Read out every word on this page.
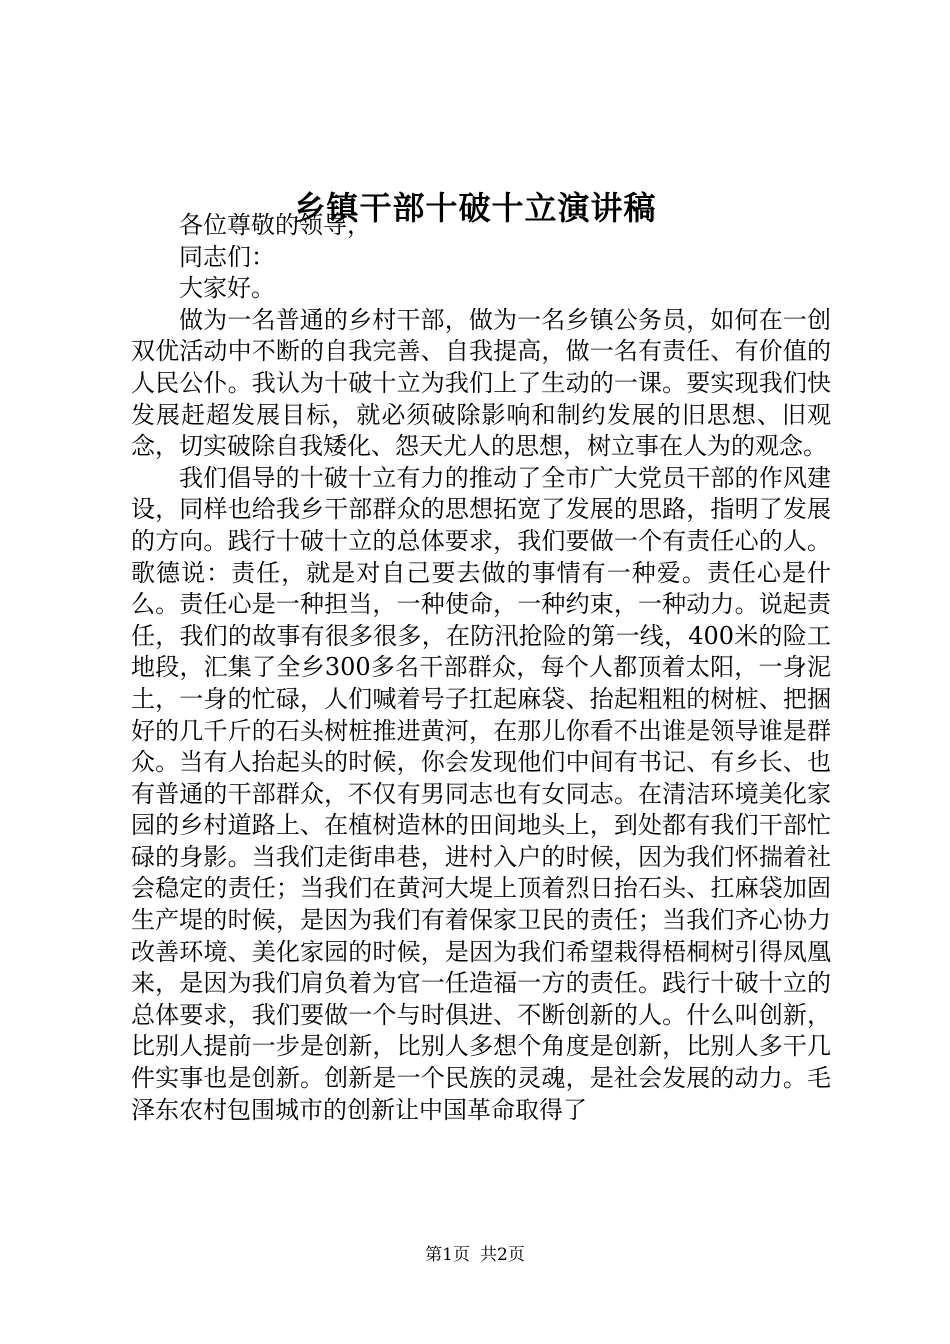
乡镇干部十破十立演讲稿

各位尊敬的领导，

同志们：

大家好。

做为一名普通的乡村干部，做为一名乡镇公务员，如何在一创双优活动中不断的自我完善、自我提高，做一名有责任、有价值的人民公仆。我认为十破十立为我们上了生动的一课。要实现我们快发展赶超发展目标，就必须破除影响和制约发展的旧思想、旧观念，切实破除自我矮化、怨天尤人的思想，树立事在人为的观念。

我们倡导的十破十立有力的推动了全市广大党员干部的作风建设，同样也给我乡干部群众的思想拓宽了发展的思路，指明了发展的方向。践行十破十立的总体要求，我们要做一个有责任心的人。歌德说：责任，就是对自己要去做的事情有一种爱。责任心是什么。责任心是一种担当，一种使命，一种约束，一种动力。说起责任，我们的故事有很多很多，在防汛抢险的第一线，400米的险工地段，汇集了全乡300多名干部群众，每个人都顶着太阳，一身泥土，一身的忙碌，人们喊着号子扛起麻袋、抬起粗粗的树桩、把捆好的几千斤的石头树桩推进黄河，在那儿你看不出谁是领导谁是群众。当有人抬起头的时候，你会发现他们中间有书记、有乡长、也有普通的干部群众，不仅有男同志也有女同志。在清洁环境美化家园的乡村道路上、在植树造林的田间地头上，到处都有我们干部忙碌的身影。当我们走街串巷，进村入户的时候，因为我们怀揣着社会稳定的责任；当我们在黄河大堤上顶着烈日抬石头、扛麻袋加固生产堤的时候，是因为我们有着保家卫民的责任；当我们齐心协力改善环境、美化家园的时候，是因为我们希望栽得梧桐树引得凤凰来，是因为我们肩负着为官一任造福一方的责任。践行十破十立的总体要求，我们要做一个与时俱进、不断创新的人。什么叫创新，比别人提前一步是创新，比别人多想个角度是创新，比别人多干几件实事也是创新。创新是一个民族的灵魂，是社会发展的动力。毛泽东农村包围城市的创新让中国革命取得了

第1页 共2页
